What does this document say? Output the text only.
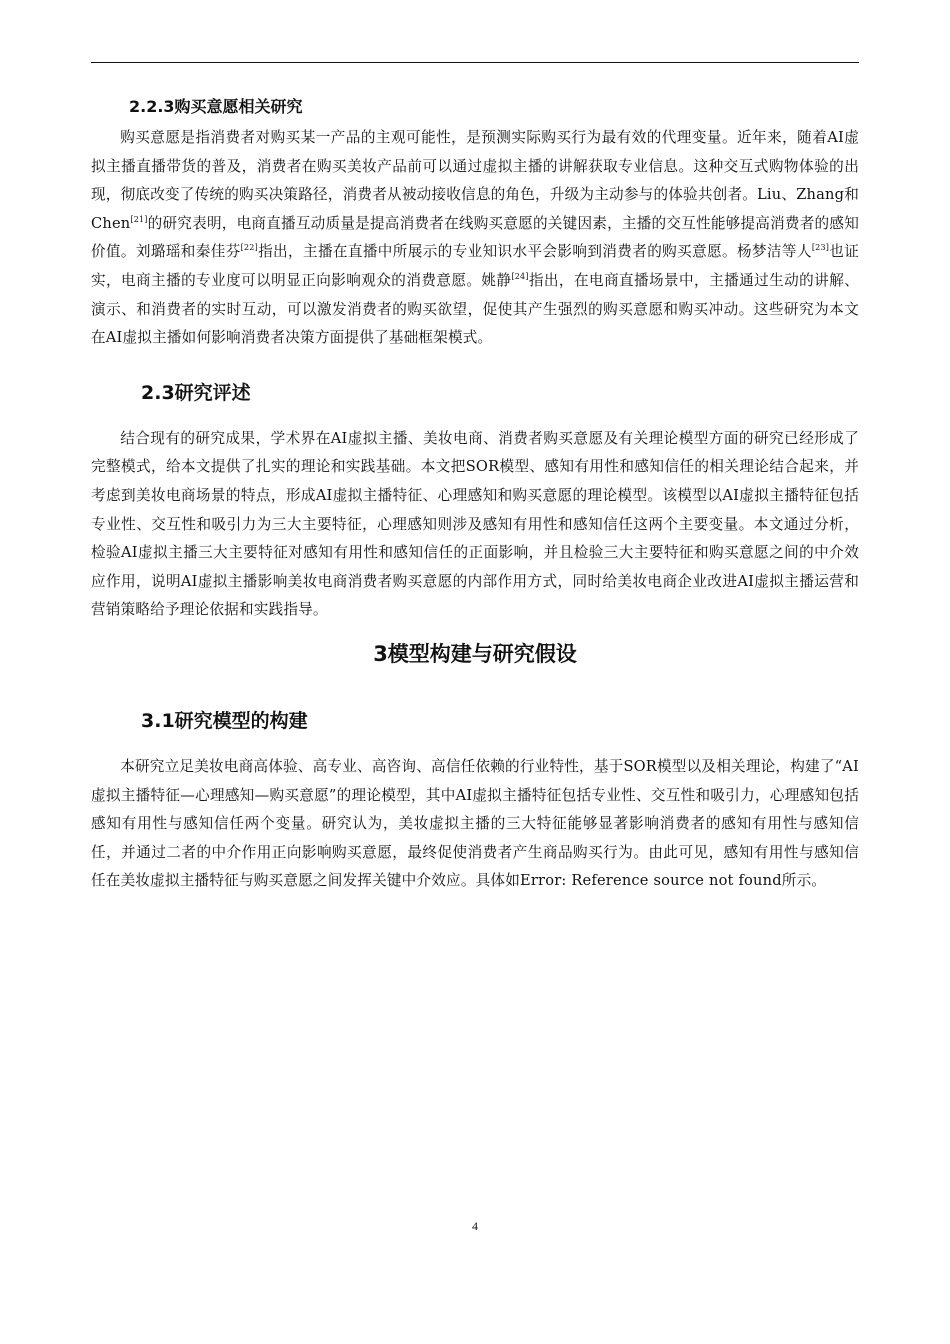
2.2.3购买意愿相关研究

购买意愿是指消费者对购买某一产品的主观可能性，是预测实际购买行为最有效的代理变量。近年来，随着AI虚拟主播直播带货的普及，消费者在购买美妆产品前可以通过虚拟主播的讲解获取专业信息。这种交互式购物体验的出现，彻底改变了传统的购买决策路径，消费者从被动接收信息的角色，升级为主动参与的体验共创者。Liu、Zhang和Chen[21]的研究表明，电商直播互动质量是提高消费者在线购买意愿的关键因素，主播的交互性能够提高消费者的感知价值。刘璐瑶和秦佳芬[22]指出，主播在直播中所展示的专业知识水平会影响到消费者的购买意愿。杨梦洁等人[23]也证实，电商主播的专业度可以明显正向影响观众的消费意愿。姚静[24]指出，在电商直播场景中，主播通过生动的讲解、演示、和消费者的实时互动，可以激发消费者的购买欲望，促使其产生强烈的购买意愿和购买冲动。这些研究为本文在AI虚拟主播如何影响消费者决策方面提供了基础框架模式。

2.3研究评述

结合现有的研究成果，学术界在AI虚拟主播、美妆电商、消费者购买意愿及有关理论模型方面的研究已经形成了完整模式，给本文提供了扎实的理论和实践基础。本文把SOR模型、感知有用性和感知信任的相关理论结合起来，并考虑到美妆电商场景的特点，形成AI虚拟主播特征、心理感知和购买意愿的理论模型。该模型以AI虚拟主播特征包括专业性、交互性和吸引力为三大主要特征，心理感知则涉及感知有用性和感知信任这两个主要变量。本文通过分析，检验AI虚拟主播三大主要特征对感知有用性和感知信任的正面影响，并且检验三大主要特征和购买意愿之间的中介效应作用，说明AI虚拟主播影响美妆电商消费者购买意愿的内部作用方式，同时给美妆电商企业改进AI虚拟主播运营和营销策略给予理论依据和实践指导。

3模型构建与研究假设
3.1研究模型的构建

本研究立足美妆电商高体验、高专业、高咨询、高信任依赖的行业特性，基于SOR模型以及相关理论，构建了“AI虚拟主播特征—心理感知—购买意愿”的理论模型，其中AI虚拟主播特征包括专业性、交互性和吸引力，心理感知包括感知有用性与感知信任两个变量。研究认为，美妆虚拟主播的三大特征能够显著影响消费者的感知有用性与感知信任，并通过二者的中介作用正向影响购买意愿，最终促使消费者产生商品购买行为。由此可见，感知有用性与感知信任在美妆虚拟主播特征与购买意愿之间发挥关键中介效应。具体如Error: Reference source not found所示。

4
